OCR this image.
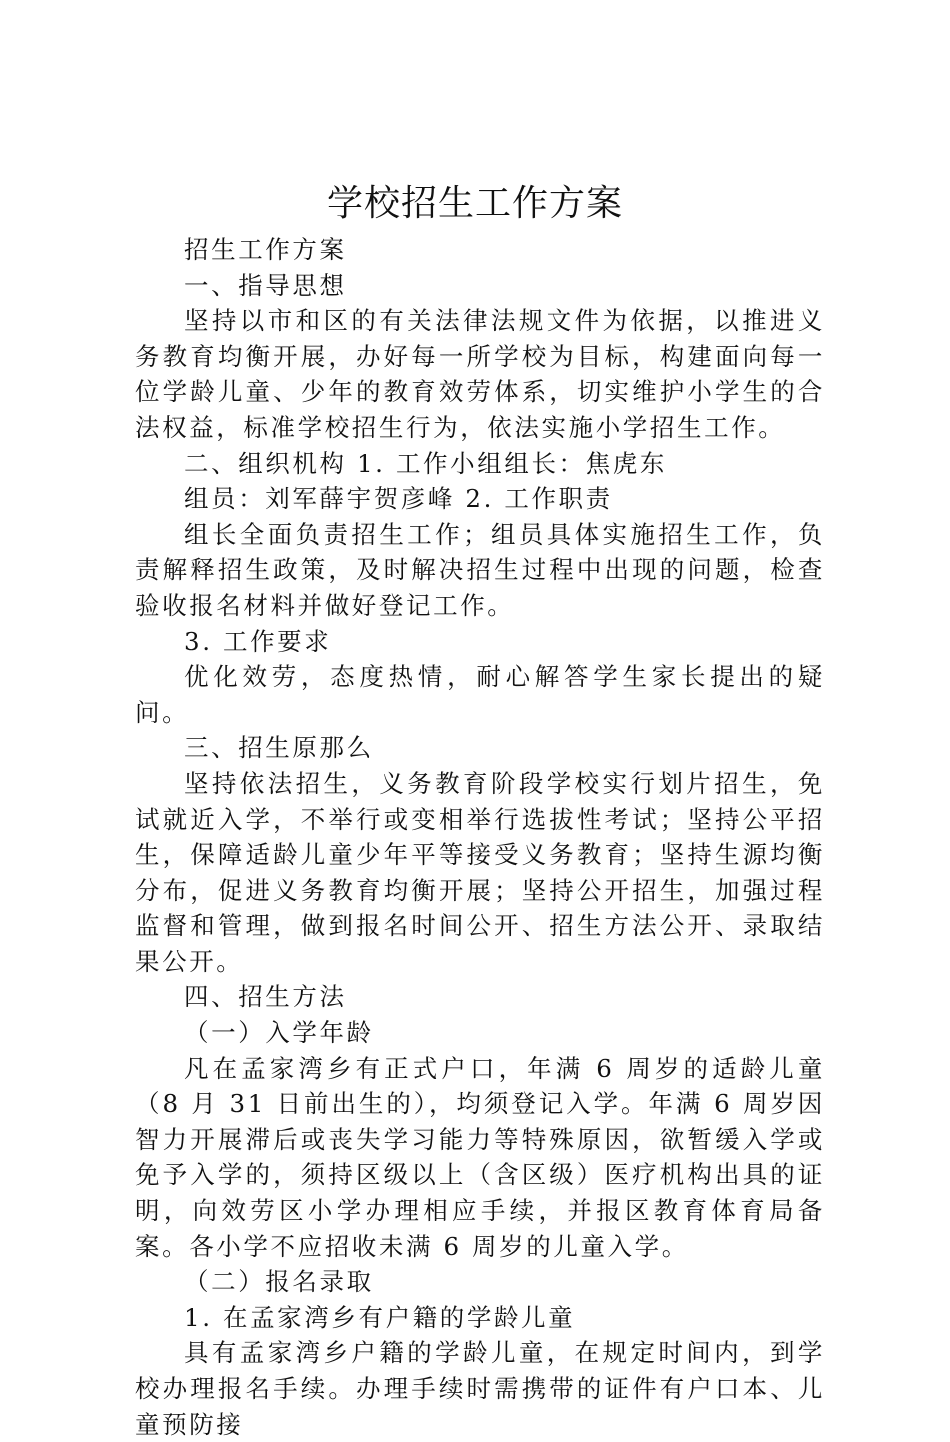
学校招生工作方案

招生工作方案

一、指导思想

坚持以市和区的有关法律法规文件为依据，以推进义务教育均衡开展，办好每一所学校为目标，构建面向每一位学龄儿童、少年的教育效劳体系，切实维护小学生的合法权益，标准学校招生行为，依法实施小学招生工作。

二、组织机构 1. 工作小组组长：焦虎东

组员：刘军薛宇贺彦峰 2. 工作职责

组长全面负责招生工作；组员具体实施招生工作，负责解释招生政策，及时解决招生过程中出现的问题，检查验收报名材料并做好登记工作。

3. 工作要求

优化效劳，态度热情，耐心解答学生家长提出的疑问。

三、招生原那么

坚持依法招生，义务教育阶段学校实行划片招生，免试就近入学，不举行或变相举行选拔性考试；坚持公平招生，保障适龄儿童少年平等接受义务教育；坚持生源均衡分布，促进义务教育均衡开展；坚持公开招生，加强过程监督和管理，做到报名时间公开、招生方法公开、录取结果公开。

四、招生方法

（一）入学年龄

凡在孟家湾乡有正式户口，年满 6 周岁的适龄儿童（8 月 31 日前出生的），均须登记入学。年满 6 周岁因智力开展滞后或丧失学习能力等特殊原因，欲暂缓入学或免予入学的，须持区级以上（含区级）医疗机构出具的证明，向效劳区小学办理相应手续，并报区教育体育局备案。各小学不应招收未满 6 周岁的儿童入学。

（二）报名录取

1. 在孟家湾乡有户籍的学龄儿童

具有孟家湾乡户籍的学龄儿童，在规定时间内，到学校办理报名手续。办理手续时需携带的证件有户口本、儿童预防接
